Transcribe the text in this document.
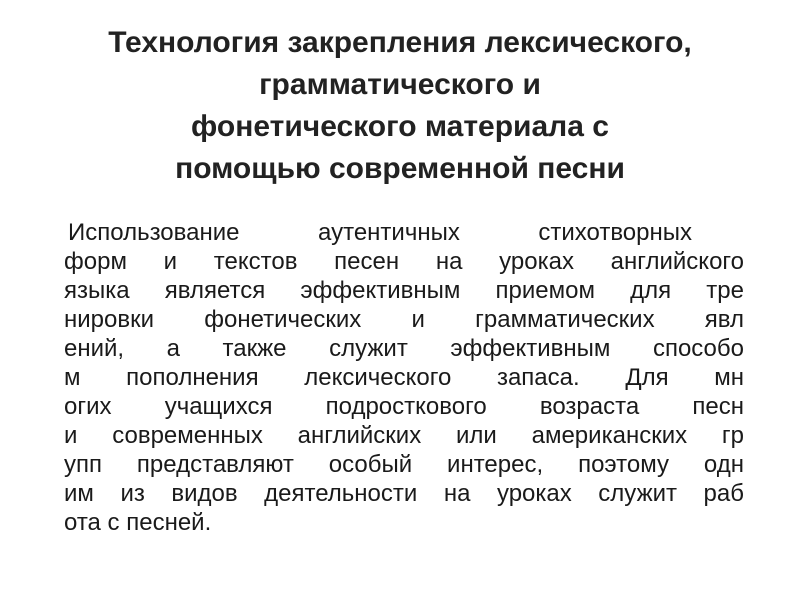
Технология закрепления лексического,
грамматического и
фонетического материала с
помощью современной песни
Использование аутентичных стихотворных
форм и текстов песен на уроках английского
языка является эффективным приемом для тре
нировки фонетических и грамматических явл
ений, а также служит эффективным способо
м пополнения лексического запаса. Для мн
огих учащихся подросткового возраста песн
и современных английских или американских гр
упп представляют особый интерес, поэтому одн
им из видов деятельности на уроках служит раб
ота с песней.
